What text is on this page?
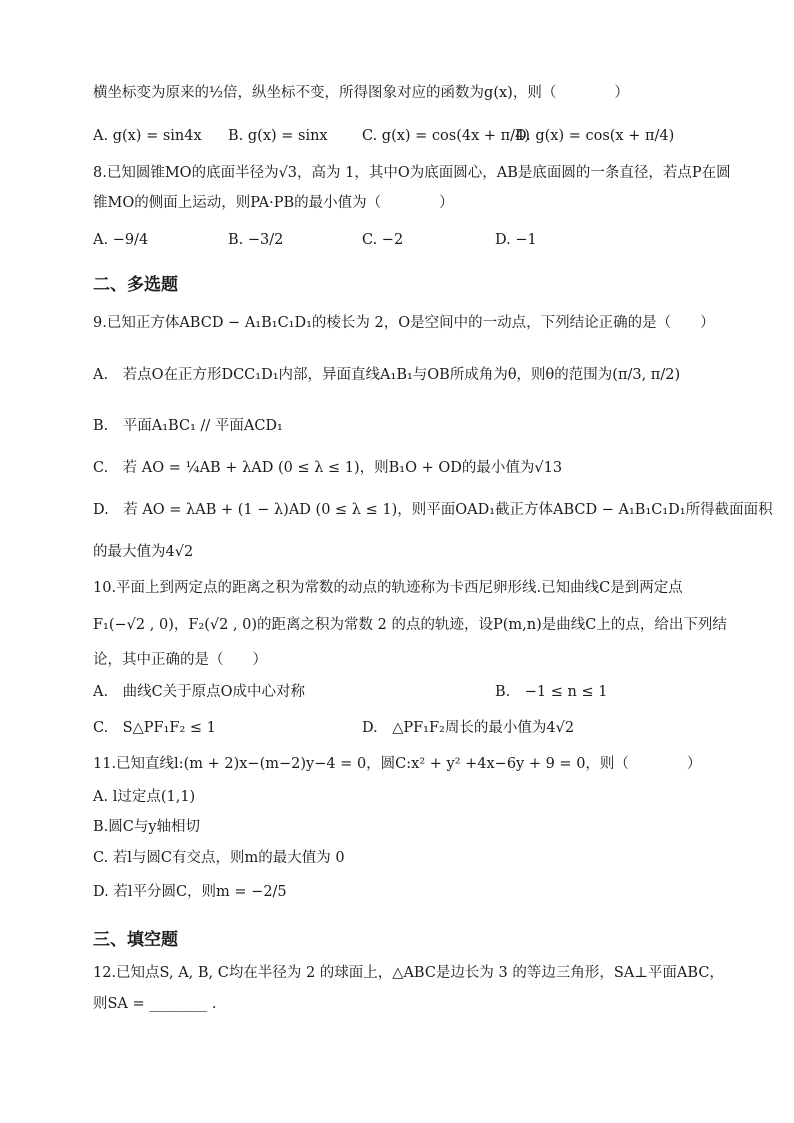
横坐标变为原来的½倍，纵坐标不变，所得图象对应的函数为g(x)，则（　　　　）
A. g(x) = sin4x B. g(x) = sinx C. g(x) = cos(4x + π/4)
D. g(x) = cos(x + π/4)
8.已知圆锥MO的底面半径为√3，高为 1，其中O为底面圆心，AB是底面圆的一条直径，若点P在圆
锥MO的侧面上运动，则PA·PB的最小值为（　　　　）
A. −9/4	B. −3/2	C. −2	D. −1
二、多选题
9.已知正方体ABCD − A₁B₁C₁D₁的棱长为 2，O是空间中的一动点，下列结论正确的是（　　）
A.　若点O在正方形DCC₁D₁内部，异面直线A₁B₁与OB所成角为θ，则θ的范围为(π/3, π/2)
B.　平面A₁BC₁ // 平面ACD₁
C.　若 AO = ¼AB + λAD (0 ≤ λ ≤ 1)，则B₁O + OD的最小值为√13
D.　若 AO = λAB + (1 − λ)AD (0 ≤ λ ≤ 1)，则平面OAD₁截正方体ABCD − A₁B₁C₁D₁所得截面面积
的最大值为4√2
10.平面上到两定点的距离之积为常数的动点的轨迹称为卡西尼卵形线.已知曲线C是到两定点
F₁(−√2 , 0)，F₂(√2 , 0)的距离之积为常数 2 的点的轨迹，设P(m,n)是曲线C上的点，给出下列结
论，其中正确的是（　　）
A.　曲线C关于原点O成中心对称	B.　−1 ≤ n ≤ 1
C.　S△PF₁F₂ ≤ 1	D.　△PF₁F₂周长的最小值为4√2
11.已知直线l:(m + 2)x−(m−2)y−4 = 0，圆C:x² + y² +4x−6y + 9 = 0，则（　　　　）
A. l过定点(1,1)
B.圆C与y轴相切
C. 若l与圆C有交点，则m的最大值为 0
D. 若l平分圆C，则m = −2/5
三、填空题
12.已知点S, A, B, C均在半径为 2 的球面上，△ABC是边长为 3 的等边三角形，SA⊥平面ABC，
则SA = ________ .
